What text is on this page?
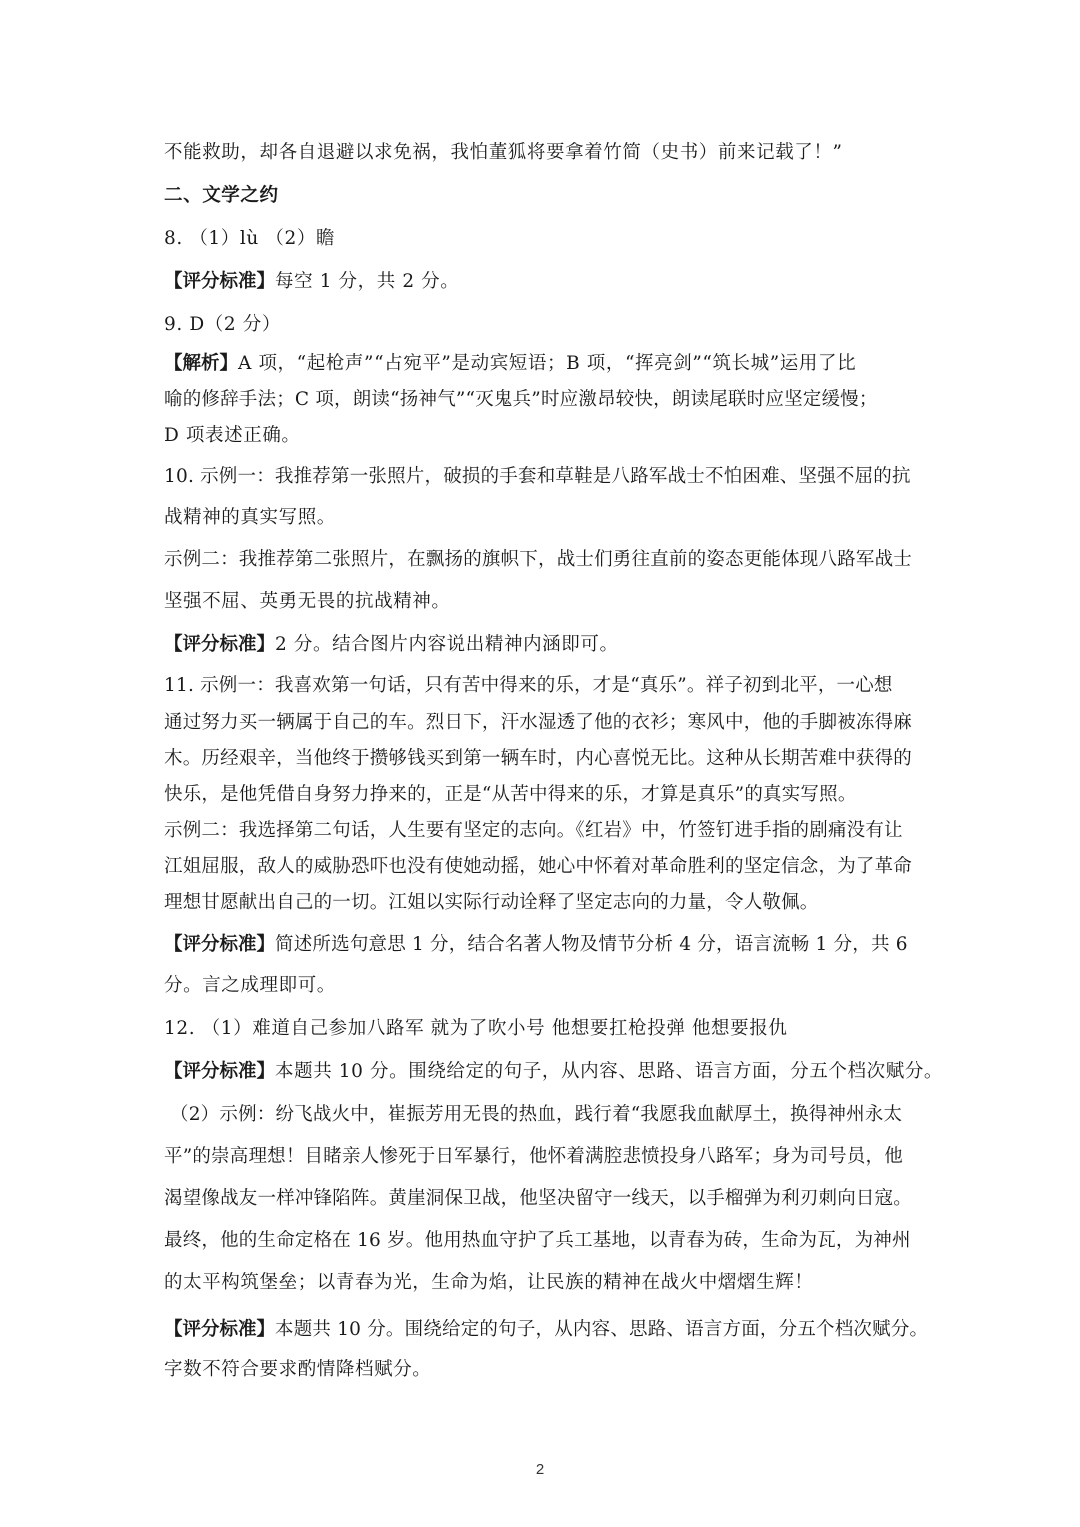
不能救助，却各自退避以求免祸，我怕董狐将要拿着竹简（史书）前来记载了！”
二、文学之约
8. （1）lù （2）瞻
【评分标准】每空 1 分，共 2 分。
9. D（2 分）
【解析】A 项，“起枪声”“占宛平”是动宾短语；B 项，“挥亮剑”“筑长城”运用了比
喻的修辞手法；C 项，朗读“扬神气”“灭鬼兵”时应激昂较快，朗读尾联时应坚定缓慢；
D 项表述正确。
10. 示例一：我推荐第一张照片，破损的手套和草鞋是八路军战士不怕困难、坚强不屈的抗
战精神的真实写照。
示例二：我推荐第二张照片，在飘扬的旗帜下，战士们勇往直前的姿态更能体现八路军战士
坚强不屈、英勇无畏的抗战精神。
【评分标准】2 分。结合图片内容说出精神内涵即可。
11. 示例一：我喜欢第一句话，只有苦中得来的乐，才是“真乐”。祥子初到北平，一心想
通过努力买一辆属于自己的车。烈日下，汗水湿透了他的衣衫；寒风中，他的手脚被冻得麻
木。历经艰辛，当他终于攒够钱买到第一辆车时，内心喜悦无比。这种从长期苦难中获得的
快乐，是他凭借自身努力挣来的，正是“从苦中得来的乐，才算是真乐”的真实写照。
示例二：我选择第二句话，人生要有坚定的志向。《红岩》中，竹签钉进手指的剧痛没有让
江姐屈服，敌人的威胁恐吓也没有使她动摇，她心中怀着对革命胜利的坚定信念，为了革命
理想甘愿献出自己的一切。江姐以实际行动诠释了坚定志向的力量，令人敬佩。
【评分标准】简述所选句意思 1 分，结合名著人物及情节分析 4 分，语言流畅 1 分，共 6
分。言之成理即可。
12. （1）难道自己参加八路军 就为了吹小号 他想要扛枪投弹 他想要报仇
【评分标准】本题共 10 分。围绕给定的句子，从内容、思路、语言方面，分五个档次赋分。
（2）示例：纷飞战火中，崔振芳用无畏的热血，践行着“我愿我血献厚土，换得神州永太
平”的崇高理想！目睹亲人惨死于日军暴行，他怀着满腔悲愤投身八路军；身为司号员，他
渴望像战友一样冲锋陷阵。黄崖洞保卫战，他坚决留守一线天，以手榴弹为利刃刺向日寇。
最终，他的生命定格在 16 岁。他用热血守护了兵工基地，以青春为砖，生命为瓦，为神州
的太平构筑堡垒；以青春为光，生命为焰，让民族的精神在战火中熠熠生辉！
【评分标准】本题共 10 分。围绕给定的句子，从内容、思路、语言方面，分五个档次赋分。
字数不符合要求酌情降档赋分。
2
